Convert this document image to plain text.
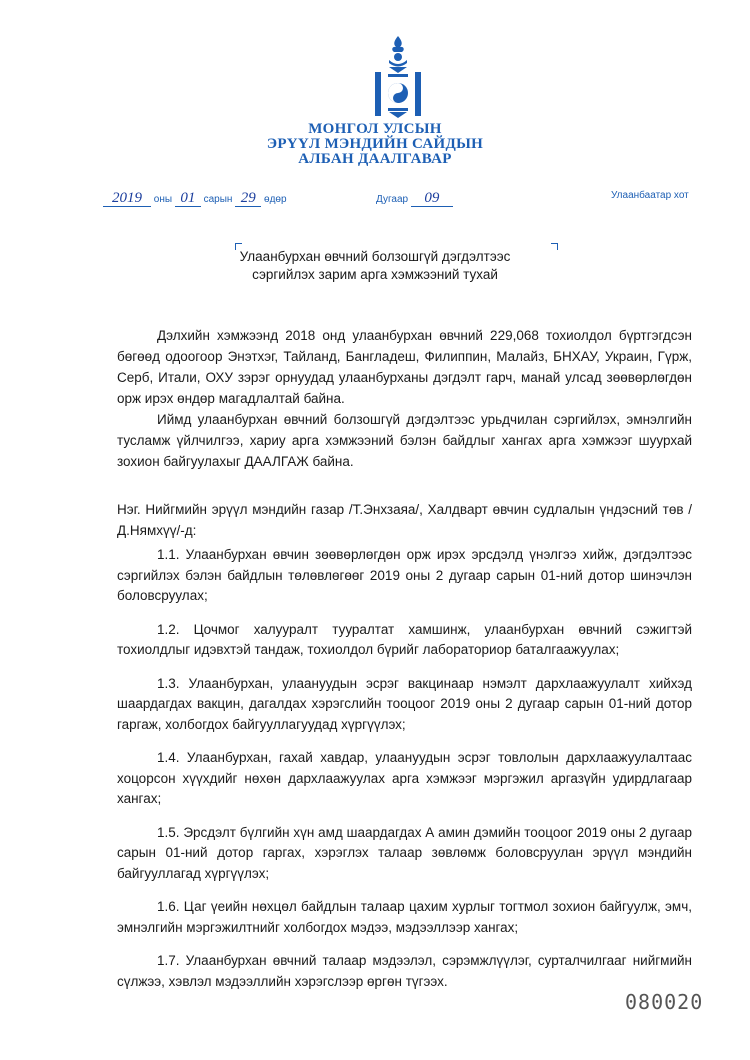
МОНГОЛ УЛСЫН
ЭРҮҮЛ МЭНДИЙН САЙДЫН
АЛБАН ДААЛГАВАР
2019 оны 01 сарын 29 өдөр	Дугаар 09	Улаанбаатар хот
Улаанбурхан өвчний болзошгүй дэгдэлтээс
сэргийлэх зарим арга хэмжээний тухай
Дэлхийн хэмжээнд 2018 онд улаанбурхан өвчний 229,068 тохиолдол бүртгэгдсэн бөгөөд одоогоор Энэтхэг, Тайланд, Бангладеш, Филиппин, Малайз, БНХАУ, Украин, Гүрж, Серб, Итали, ОХУ зэрэг орнуудад улаанбурханы дэгдэлт гарч, манай улсад зөөвөрлөгдөн орж ирэх өндөр магадлалтай байна.
Иймд улаанбурхан өвчний болзошгүй дэгдэлтээс урьдчилан сэргийлэх, эмнэлгийн тусламж үйлчилгээ, хариу арга хэмжээний бэлэн байдлыг хангах арга хэмжээг шуурхай зохион байгуулахыг ДААЛГАЖ байна.
Нэг. Нийгмийн эрүүл мэндийн газар /Т.Энхзаяа/, Халдварт өвчин судлалын үндэсний төв /Д.Нямхүү/-д:

1.1. Улаанбурхан өвчин зөөвөрлөгдөн орж ирэх эрсдэлд үнэлгээ хийж, дэгдэлтээс сэргийлэх бэлэн байдлын төлөвлөгөөг 2019 оны 2 дугаар сарын 01-ний дотор шинэчлэн боловсруулах;

1.2. Цочмог халууралт тууралтат хамшинж, улаанбурхан өвчний сэжигтэй тохиолдлыг идэвхтэй тандаж, тохиолдол бүрийг лабораториор баталгаажуулах;

1.3. Улаанбурхан, улаануудын эсрэг вакцинаар нэмэлт дархлаажуулалт хийхэд шаардагдах вакцин, дагалдах хэрэгслийн тооцоог 2019 оны 2 дугаар сарын 01-ний дотор гаргаж, холбогдох байгууллагуудад хүргүүлэх;

1.4. Улаанбурхан, гахай хавдар, улаануудын эсрэг товлолын дархлаажуулалтаас хоцорсон хүүхдийг нөхөн дархлаажуулах арга хэмжээг мэргэжил аргазүйн удирдлагаар хангах;

1.5. Эрсдэлт бүлгийн хүн амд шаардагдах А амин дэмийн тооцоог 2019 оны 2 дугаар сарын 01-ний дотор гаргах, хэрэглэх талаар зөвлөмж боловсруулан эрүүл мэндийн байгууллагад хүргүүлэх;

1.6. Цаг үеийн нөхцөл байдлын талаар цахим хурлыг тогтмол зохион байгуулж, эмч, эмнэлгийн мэргэжилтнийг холбогдох мэдээ, мэдээллээр хангах;

1.7. Улаанбурхан өвчний талаар мэдээлэл, сэрэмжлүүлэг, сурталчилгааг нийгмийн сүлжээ, хэвлэл мэдээллийн хэрэгслээр өргөн түгээх.

080020
